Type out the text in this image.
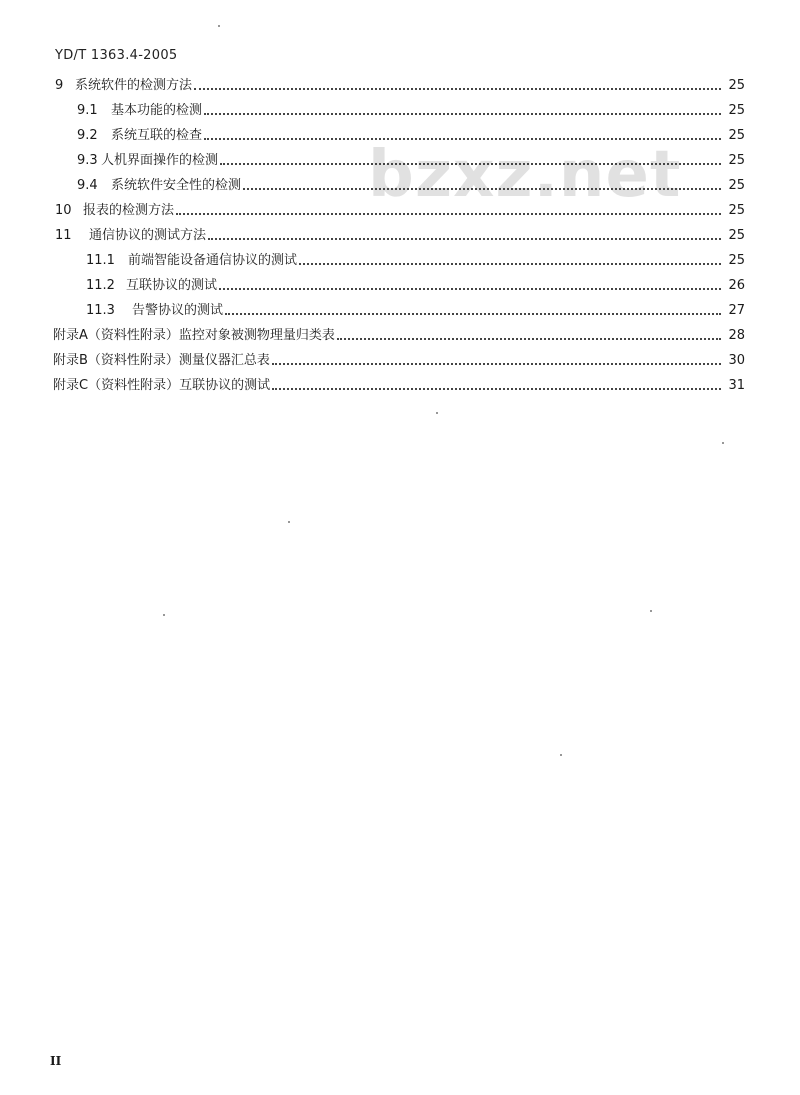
YD/T 1363.4-2005
bzxz.net
9 系统软件的检测方法	25
9.1	基本功能的检测	25
9.2	系统互联的检查	25
9.3 人机界面操作的检测	25
9.4	系统软件安全性的检测	25
10 报表的检测方法	25
11	通信协议的测试方法	25
11.1	前端智能设备通信协议的测试	25
11.2 互联协议的测试	26
11.3	告警协议的测试	27
附录A（资料性附录）监控对象被测物理量归类表	28
附录B（资料性附录）测量仪器汇总表	30
附录C（资料性附录）互联协议的测试	31
II
